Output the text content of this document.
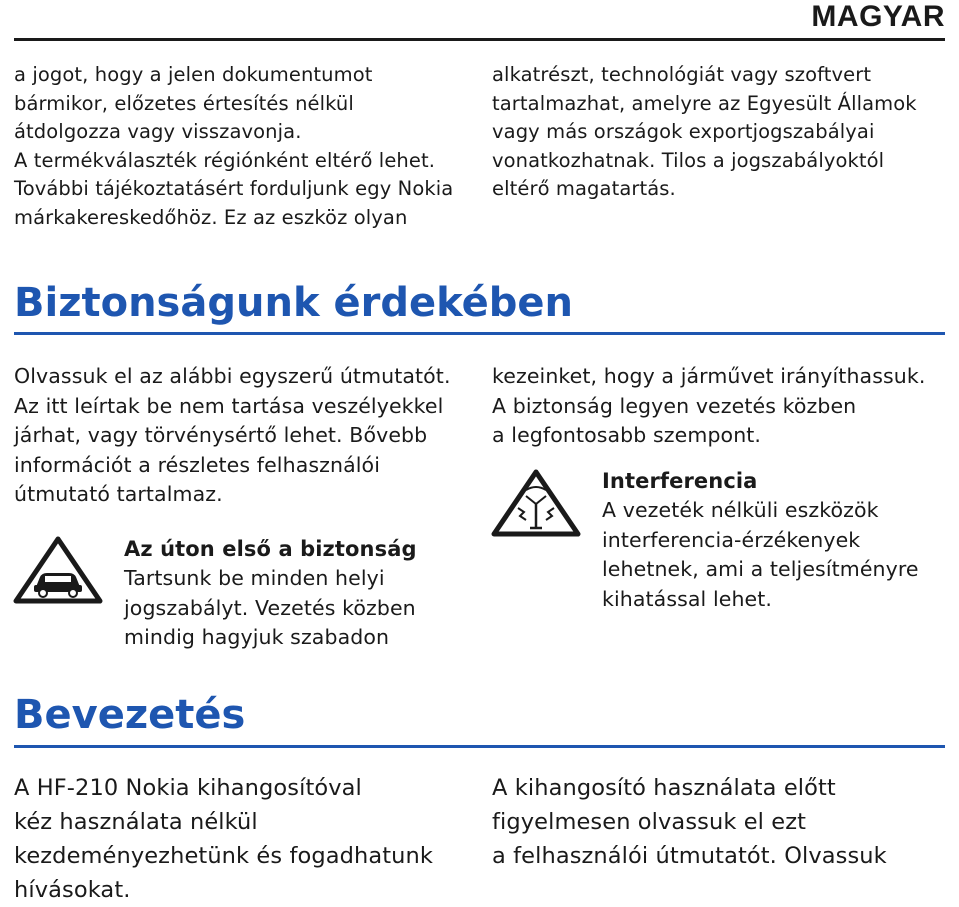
MAGYAR
a jogot, hogy a jelen dokumentumot
bármikor, előzetes értesítés nélkül
átdolgozza vagy visszavonja.
A termékválaszték régiónként eltérő lehet.
További tájékoztatásért forduljunk egy Nokia
márkakereskedőhöz. Ez az eszköz olyan
alkatrészt, technológiát vagy szoftvert
tartalmazhat, amelyre az Egyesült Államok
vagy más országok exportjogszabályai
vonatkozhatnak. Tilos a jogszabályoktól
eltérő magatartás.
Biztonságunk érdekében
Olvassuk el az alábbi egyszerű útmutatót.
Az itt leírtak be nem tartása veszélyekkel
járhat, vagy törvénysértő lehet. Bővebb
információt a részletes felhasználói
útmutató tartalmaz.
Az úton első a biztonság
Tartsunk be minden helyi
jogszabályt. Vezetés közben
mindig hagyjuk szabadon
kezeinket, hogy a járművet irányíthassuk.
A biztonság legyen vezetés közben
a legfontosabb szempont.
Interferencia
A vezeték nélküli eszközök
interferencia-érzékenyek
lehetnek, ami a teljesítményre
kihatással lehet.
Bevezetés
A HF-210 Nokia kihangosítóval
kéz használata nélkül
kezdeményezhetünk és fogadhatunk
hívásokat.
A kihangosító használata előtt
figyelmesen olvassuk el ezt
a felhasználói útmutatót. Olvassuk
